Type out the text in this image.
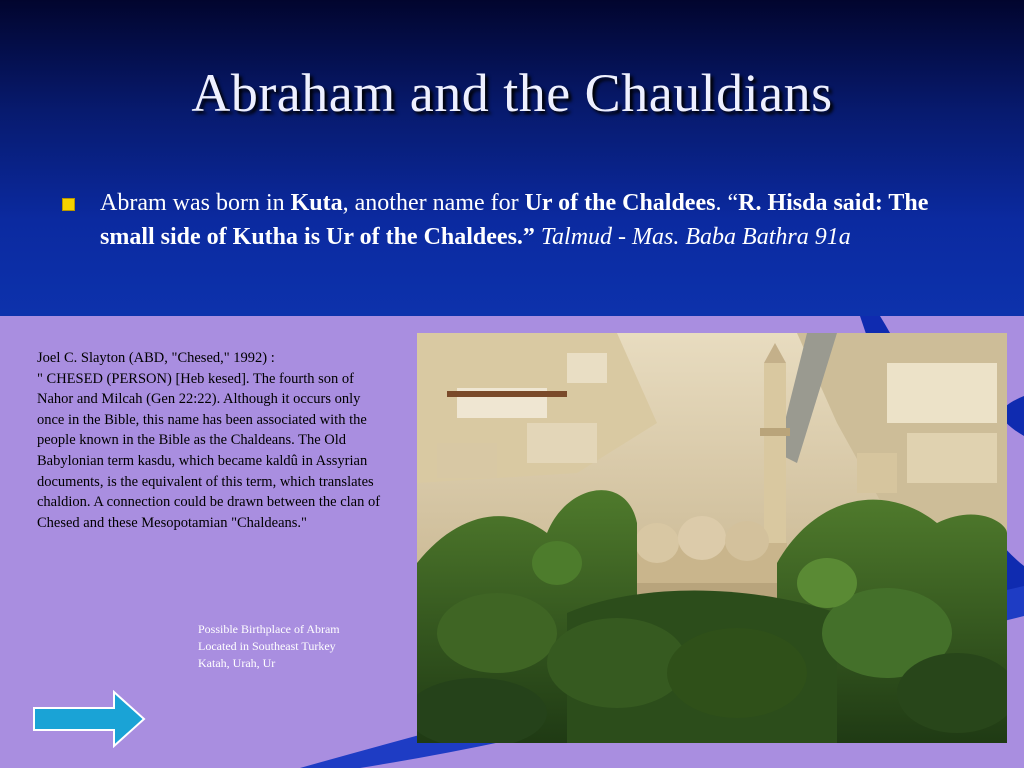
Abraham and the Chauldians
Abram was born in Kuta, another name for Ur of the Chaldees. “R. Hisda said: The small side of Kutha is Ur of the Chaldees.” Talmud - Mas. Baba Bathra 91a
Joel C. Slayton (ABD, "Chesed," 1992) :
" CHESED (PERSON) [Heb kesed]. The fourth son of Nahor and Milcah (Gen 22:22). Although it occurs only once in the Bible, this name has been associated with the people known in the Bible as the Chaldeans. The Old Babylonian term kasdu, which became kaldû in Assyrian documents, is the equivalent of this term, which translates chaldion. A connection could be drawn between the clan of Chesed and these Mesopotamian "Chaldeans."
Possible Birthplace of Abram
Located in Southeast Turkey
Katah, Urah, Ur
